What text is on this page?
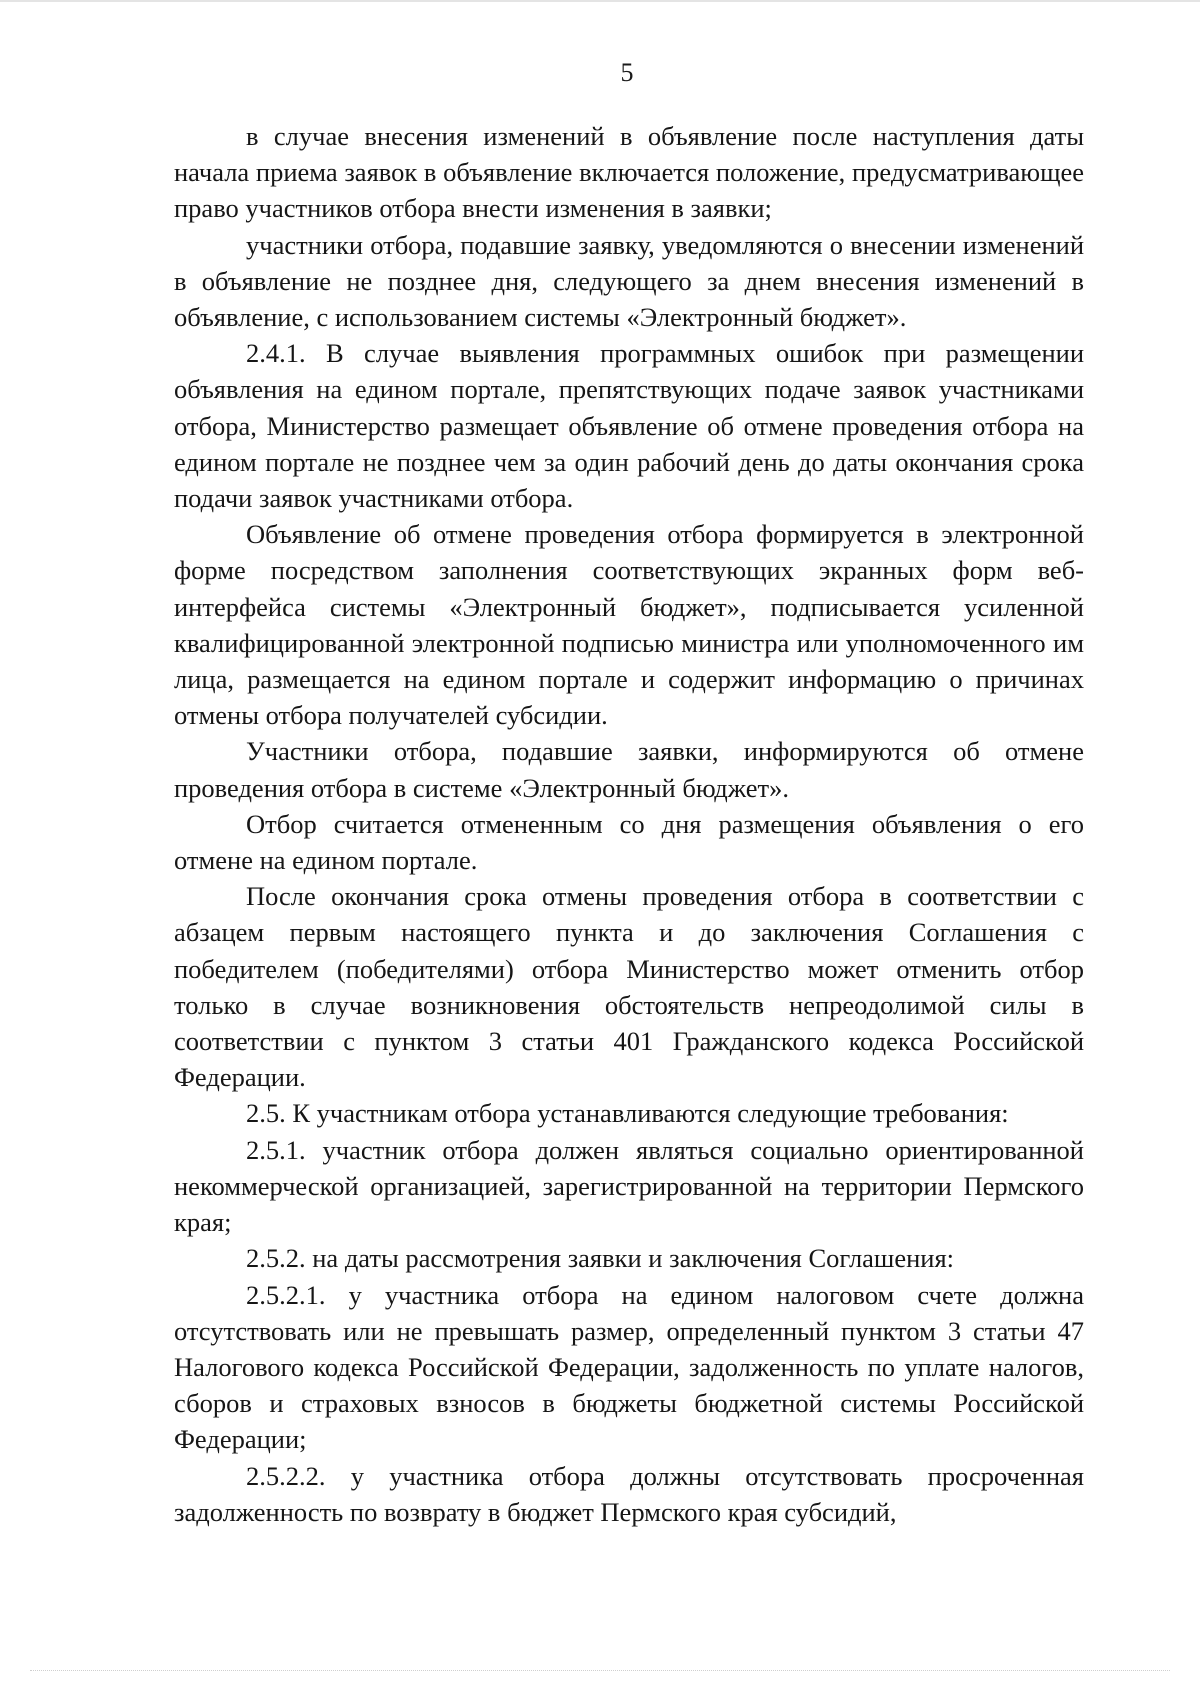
5

в случае внесения изменений в объявление после наступления даты начала приема заявок в объявление включается положение, предусматривающее право участников отбора внести изменения в заявки;

участники отбора, подавшие заявку, уведомляются о внесении изменений в объявление не позднее дня, следующего за днем внесения изменений в объявление, с использованием системы «Электронный бюджет».

2.4.1. В случае выявления программных ошибок при размещении объявления на едином портале, препятствующих подаче заявок участниками отбора, Министерство размещает объявление об отмене проведения отбора на едином портале не позднее чем за один рабочий день до даты окончания срока подачи заявок участниками отбора.

Объявление об отмене проведения отбора формируется в электронной форме посредством заполнения соответствующих экранных форм веб-интерфейса системы «Электронный бюджет», подписывается усиленной квалифицированной электронной подписью министра или уполномоченного им лица, размещается на едином портале и содержит информацию о причинах отмены отбора получателей субсидии.

Участники отбора, подавшие заявки, информируются об отмене проведения отбора в системе «Электронный бюджет».

Отбор считается отмененным со дня размещения объявления о его отмене на едином портале.

После окончания срока отмены проведения отбора в соответствии с абзацем первым настоящего пункта и до заключения Соглашения с победителем (победителями) отбора Министерство может отменить отбор только в случае возникновения обстоятельств непреодолимой силы в соответствии с пунктом 3 статьи 401 Гражданского кодекса Российской Федерации.

2.5. К участникам отбора устанавливаются следующие требования:

2.5.1. участник отбора должен являться социально ориентированной некоммерческой организацией, зарегистрированной на территории Пермского края;

2.5.2. на даты рассмотрения заявки и заключения Соглашения:

2.5.2.1. у участника отбора на едином налоговом счете должна отсутствовать или не превышать размер, определенный пунктом 3 статьи 47 Налогового кодекса Российской Федерации, задолженность по уплате налогов, сборов и страховых взносов в бюджеты бюджетной системы Российской Федерации;

2.5.2.2. у участника отбора должны отсутствовать просроченная задолженность по возврату в бюджет Пермского края субсидий,
